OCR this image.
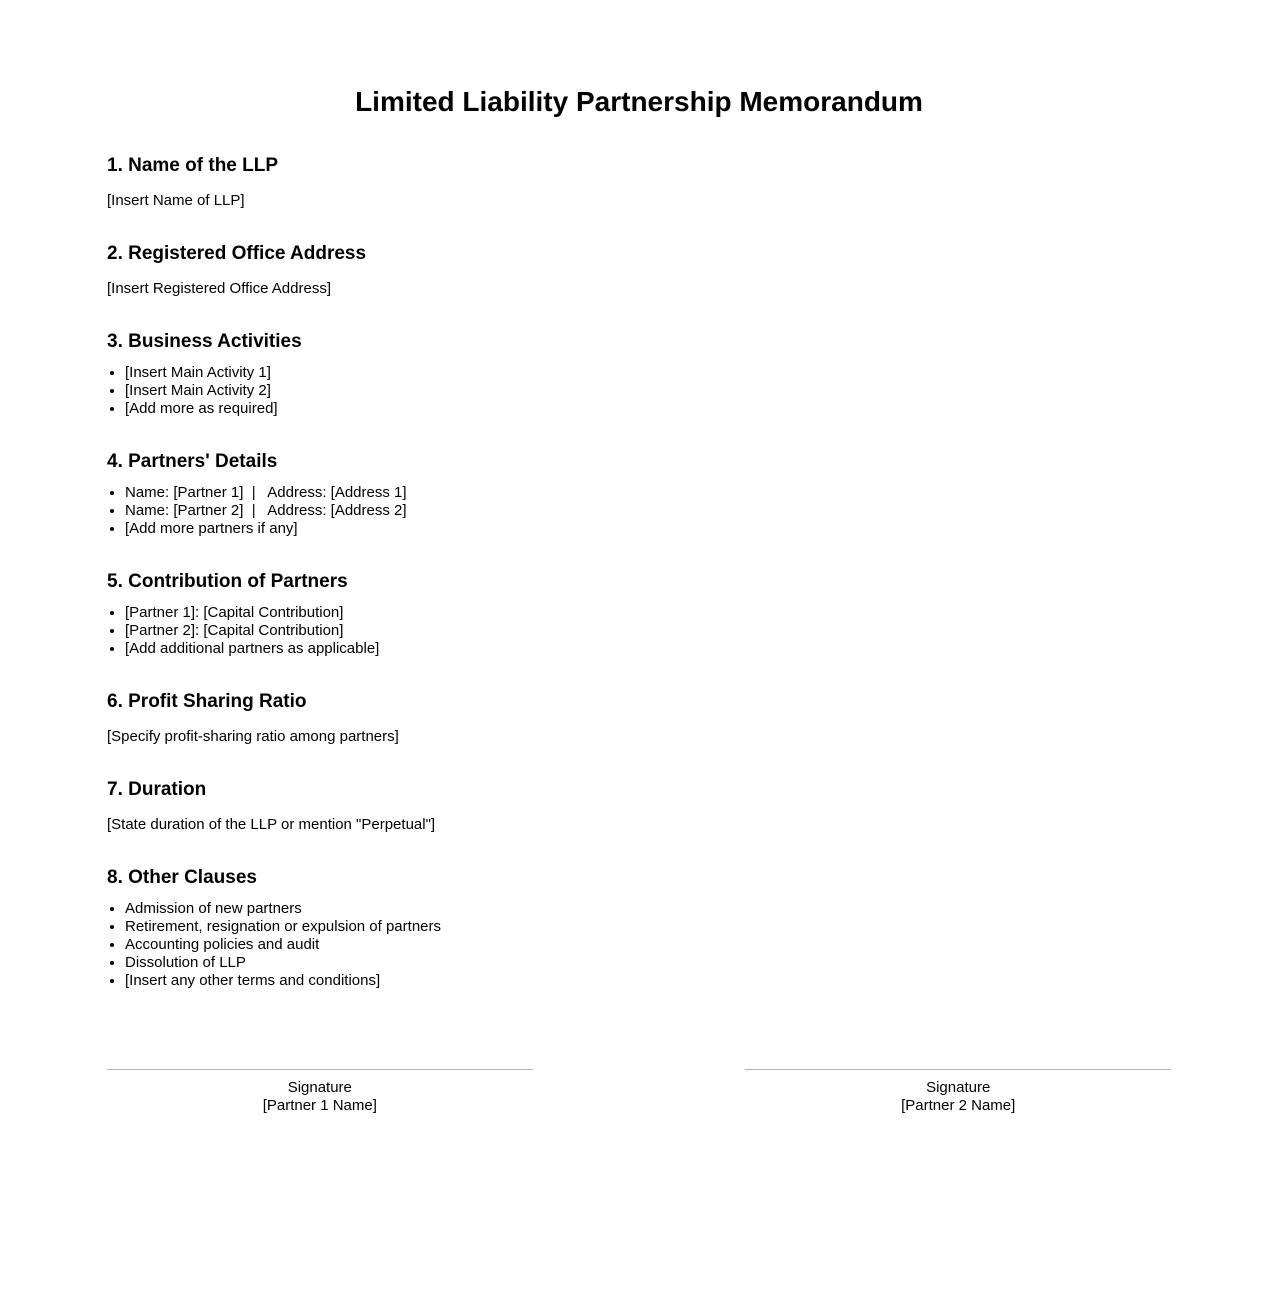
Limited Liability Partnership Memorandum
1. Name of the LLP

[Insert Name of LLP]

2. Registered Office Address

[Insert Registered Office Address]

3. Business Activities
• [Insert Main Activity 1]
• [Insert Main Activity 2]
• [Add more as required]
4. Partners' Details
• Name: [Partner 1]  |   Address: [Address 1]
• Name: [Partner 2]  |   Address: [Address 2]
• [Add more partners if any]
5. Contribution of Partners
• [Partner 1]: [Capital Contribution]
• [Partner 2]: [Capital Contribution]
• [Add additional partners as applicable]
6. Profit Sharing Ratio

[Specify profit-sharing ratio among partners]

7. Duration

[State duration of the LLP or mention "Perpetual"]

8. Other Clauses
• Admission of new partners
• Retirement, resignation or expulsion of partners
• Accounting policies and audit
• Dissolution of LLP
• [Insert any other terms and conditions]
Signature
[Partner 1 Name]
Signature
[Partner 2 Name]
